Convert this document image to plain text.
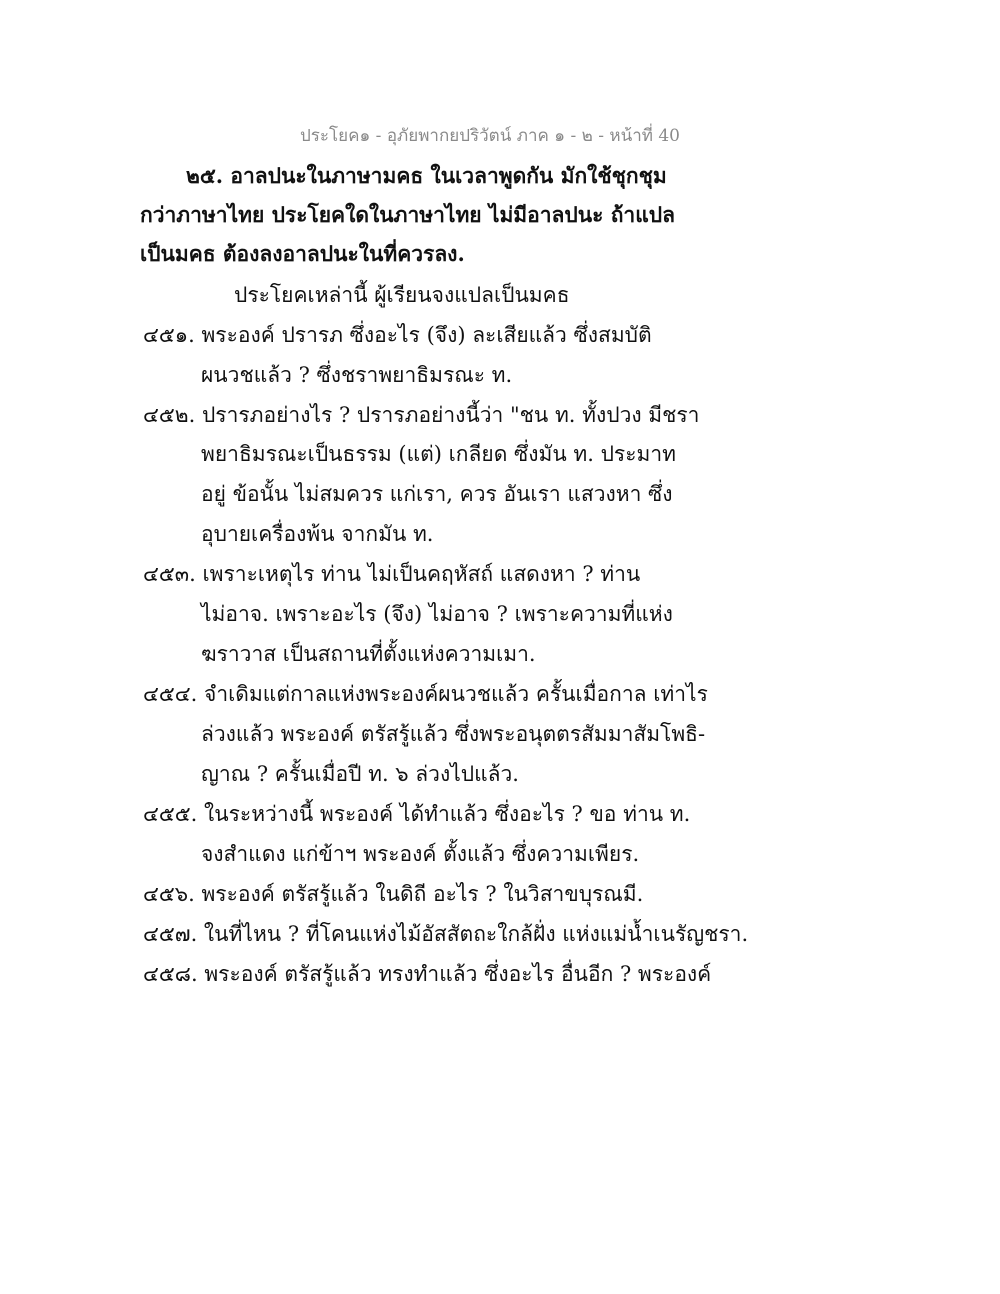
ประโยค๑ - อุภัยพากยปริวัตน์ ภาค ๑ - ๒ - หน้าที่ 40
๒๕. อาลปนะในภาษามคธ ในเวลาพูดกัน มักใช้ชุกชุม
กว่าภาษาไทย ประโยคใดในภาษาไทย ไม่มีอาลปนะ ถ้าแปล
เป็นมคธ ต้องลงอาลปนะในที่ควรลง.
ประโยคเหล่านี้ ผู้เรียนจงแปลเป็นมคธ
๔๕๑. พระองค์ ปรารภ ซึ่งอะไร (จึง) ละเสียแล้ว ซึ่งสมบัติ
ผนวชแล้ว ? ซึ่งชราพยาธิมรณะ ท.
๔๕๒. ปรารภอย่างไร ? ปรารภอย่างนี้ว่า "ชน ท. ทั้งปวง มีชรา
พยาธิมรณะเป็นธรรม (แต่) เกลียด ซึ่งมัน ท. ประมาท
อยู่ ข้อนั้น ไม่สมควร แก่เรา, ควร อันเรา แสวงหา ซึ่ง
อุบายเครื่องพ้น จากมัน ท.
๔๕๓. เพราะเหตุไร ท่าน ไม่เป็นคฤหัสถ์ แสดงหา ? ท่าน
ไม่อาจ. เพราะอะไร (จึง) ไม่อาจ ? เพราะความที่แห่ง
ฆราวาส เป็นสถานที่ตั้งแห่งความเมา.
๔๕๔. จำเดิมแต่กาลแห่งพระองค์ผนวชแล้ว ครั้นเมื่อกาล เท่าไร
ล่วงแล้ว พระองค์ ตรัสรู้แล้ว ซึ่งพระอนุตตรสัมมาสัมโพธิ-
ญาณ ? ครั้นเมื่อปี ท. ๖ ล่วงไปแล้ว.
๔๕๕. ในระหว่างนี้ พระองค์ ได้ทำแล้ว ซึ่งอะไร ? ขอ ท่าน ท.
จงสำแดง แก่ข้าฯ พระองค์ ตั้งแล้ว ซึ่งความเพียร.
๔๕๖. พระองค์ ตรัสรู้แล้ว ในดิถี อะไร ? ในวิสาขบุรณมี.
๔๕๗. ในที่ไหน ? ที่โคนแห่งไม้อัสสัตถะใกล้ฝั่ง แห่งแม่น้ำเนรัญชรา.
๔๕๘. พระองค์ ตรัสรู้แล้ว ทรงทำแล้ว ซึ่งอะไร อื่นอีก ? พระองค์
